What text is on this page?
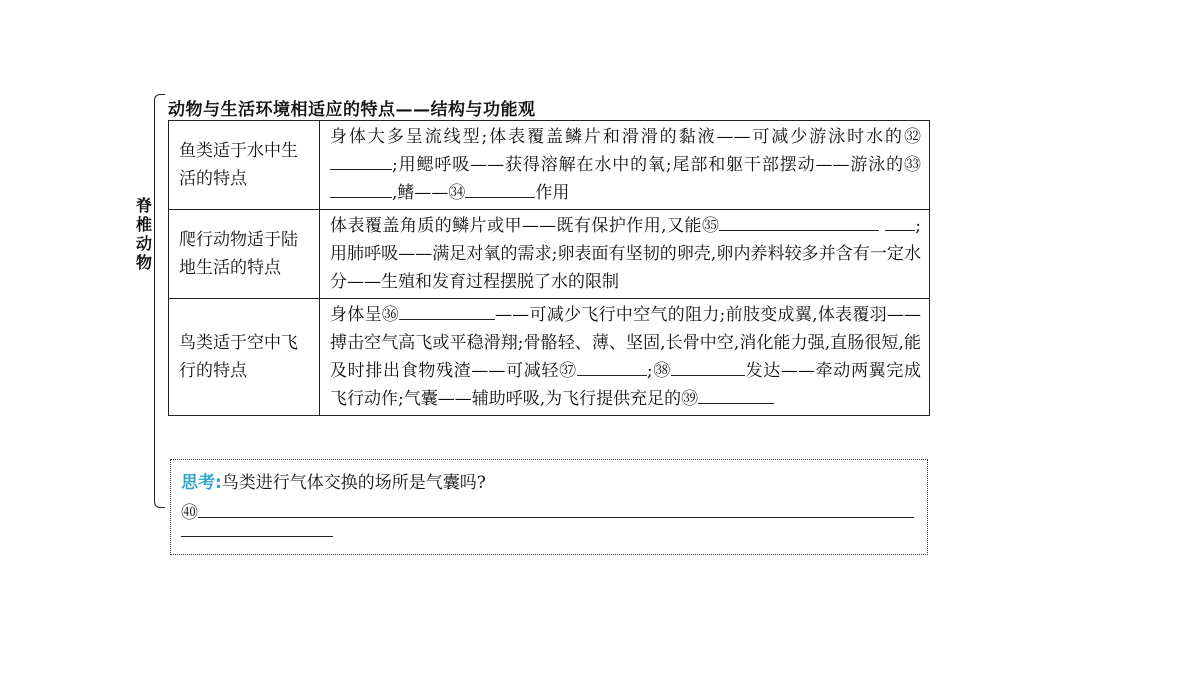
脊椎动物
动物与生活环境相适应的特点——结构与功能观
鱼类适于水中生活的特点	身体大多呈流线型;体表覆盖鳞片和滑滑的黏液——可减少游泳时水的㉜;用鳃呼吸——获得溶解在水中的氧;尾部和躯干部摆动——游泳的㉝,鳍——㉞ 作用
爬行动物适于陆地生活的特点	体表覆盖角质的鳞片或甲——既有保护作用,又能㉟ ;用肺呼吸——满足对氧的需求;卵表面有坚韧的卵壳,卵内养料较多并含有一定水分——生殖和发育过程摆脱了水的限制
鸟类适于空中飞行的特点	身体呈㊱ ——可减少飞行中空气的阻力;前肢变成翼,体表覆羽——搏击空气高飞或平稳滑翔;骨骼轻、薄、坚固,长骨中空,消化能力强,直肠很短,能及时排出食物残渣——可减轻㊲ ;㊳ 发达——牵动两翼完成飞行动作;气囊——辅助呼吸,为飞行提供充足的㊴
思考:鸟类进行气体交换的场所是气囊吗?
㊵
